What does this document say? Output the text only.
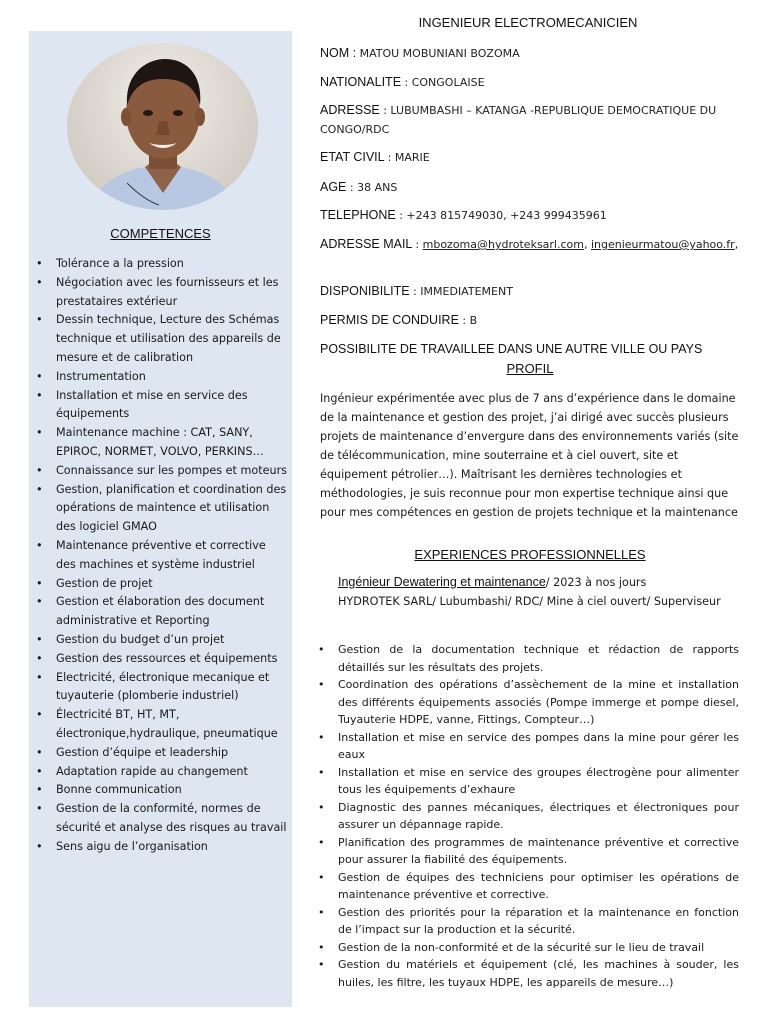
COMPETENCES
• Tolérance a la pression
• Négociation avec les fournisseurs et les prestataires extérieur
• Dessin technique, Lecture des Schémas technique et utilisation des appareils de mesure et de calibration
• Instrumentation
• Installation et mise en service des équipements
• Maintenance machine : CAT, SANY, EPIROC, NORMET, VOLVO, PERKINS…
• Connaissance sur les pompes et moteurs
• Gestion, planification et coordination des opérations de maintence et utilisation des logiciel GMAO
• Maintenance préventive et corrective des machines et système industriel
• Gestion de projet
• Gestion et élaboration des document administrative et Reporting
• Gestion du budget d’un projet
• Gestion des ressources et équipements
• Electricité, électronique mecanique et tuyauterie (plomberie industriel)
• Électricité BT, HT, MT, électronique,hydraulique, pneumatique
• Gestion d’équipe et leadership
• Adaptation rapide au changement
• Bonne communication
• Gestion de la conformité, normes de sécurité et analyse des risques au travail
• Sens aigu de l’organisation
INGENIEUR ELECTROMECANICIEN
NOM : MATOU MOBUNIANI BOZOMA
NATIONALITE : CONGOLAISE
ADRESSE : LUBUMBASHI – KATANGA -REPUBLIQUE DEMOCRATIQUE DU CONGO/RDC
ETAT CIVIL : MARIE
AGE : 38 ANS
TELEPHONE : +243 815749030, +243 999435961
ADRESSE MAIL : mbozoma@hydroteksarl.com, ingenieurmatou@yahoo.fr,
DISPONIBILITE : IMMEDIATEMENT
PERMIS DE CONDUIRE : B
POSSIBILITE DE TRAVAILLEE DANS UNE AUTRE VILLE OU PAYS
PROFIL
Ingénieur expérimentée avec plus de 7 ans d’expérience dans le domaine de la maintenance et gestion des projet, j’ai dirigé avec succès plusieurs projets de maintenance d’envergure dans des environnements variés (site de télécommunication, mine souterraine et à ciel ouvert, site et équipement pétrolier…). Maîtrisant les dernières technologies et méthodologies, je suis reconnue pour mon expertise technique ainsi que pour mes compétences en gestion de projets technique et la maintenance
EXPERIENCES PROFESSIONNELLES
Ingénieur Dewatering et maintenance/ 2023 à nos jours
HYDROTEK SARL/ Lubumbashi/ RDC/ Mine à ciel ouvert/ Superviseur
• Gestion de la documentation technique et rédaction de rapports détaillés sur les résultats des projets.
• Coordination des opérations d’assèchement de la mine et installation des différents équipements associés (Pompe immerge et pompe diesel, Tuyauterie HDPE, vanne, Fittings, Compteur…)
• Installation et mise en service des pompes dans la mine pour gérer les eaux
• Installation et mise en service des groupes électrogène pour alimenter tous les équipements d’exhaure
• Diagnostic des pannes mécaniques, électriques et électroniques pour assurer un dépannage rapide.
• Planification des programmes de maintenance préventive et corrective pour assurer la fiabilité des équipements.
• Gestion de équipes des techniciens pour optimiser les opérations de maintenance préventive et corrective.
• Gestion des priorités pour la réparation et la maintenance en fonction de l’impact sur la production et la sécurité.
• Gestion de la non-conformité et de la sécurité sur le lieu de travail
• Gestion du matériels et équipement (clé, les machines à souder, les huiles, les filtre, les tuyaux HDPE, les appareils de mesure…)
